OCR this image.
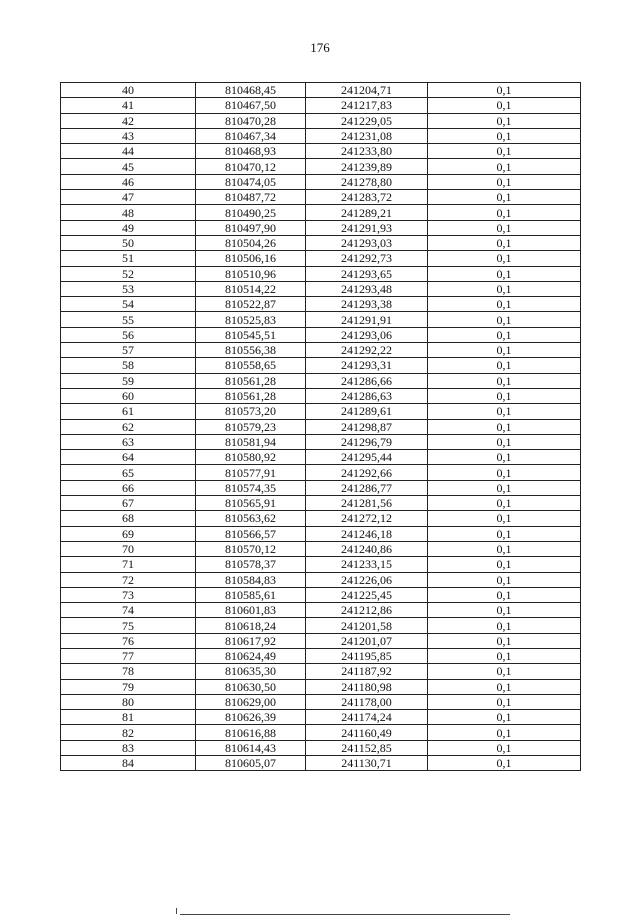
176
40	810468,45	241204,71	0,1
41	810467,50	241217,83	0,1
42	810470,28	241229,05	0,1
43	810467,34	241231,08	0,1
44	810468,93	241233,80	0,1
45	810470,12	241239,89	0,1
46	810474,05	241278,80	0,1
47	810487,72	241283,72	0,1
48	810490,25	241289,21	0,1
49	810497,90	241291,93	0,1
50	810504,26	241293,03	0,1
51	810506,16	241292,73	0,1
52	810510,96	241293,65	0,1
53	810514,22	241293,48	0,1
54	810522,87	241293,38	0,1
55	810525,83	241291,91	0,1
56	810545,51	241293,06	0,1
57	810556,38	241292,22	0,1
58	810558,65	241293,31	0,1
59	810561,28	241286,66	0,1
60	810561,28	241286,63	0,1
61	810573,20	241289,61	0,1
62	810579,23	241298,87	0,1
63	810581,94	241296,79	0,1
64	810580,92	241295,44	0,1
65	810577,91	241292,66	0,1
66	810574,35	241286,77	0,1
67	810565,91	241281,56	0,1
68	810563,62	241272,12	0,1
69	810566,57	241246,18	0,1
70	810570,12	241240,86	0,1
71	810578,37	241233,15	0,1
72	810584,83	241226,06	0,1
73	810585,61	241225,45	0,1
74	810601,83	241212,86	0,1
75	810618,24	241201,58	0,1
76	810617,92	241201,07	0,1
77	810624,49	241195,85	0,1
78	810635,30	241187,92	0,1
79	810630,50	241180,98	0,1
80	810629,00	241178,00	0,1
81	810626,39	241174,24	0,1
82	810616,88	241160,49	0,1
83	810614,43	241152,85	0,1
84	810605,07	241130,71	0,1
